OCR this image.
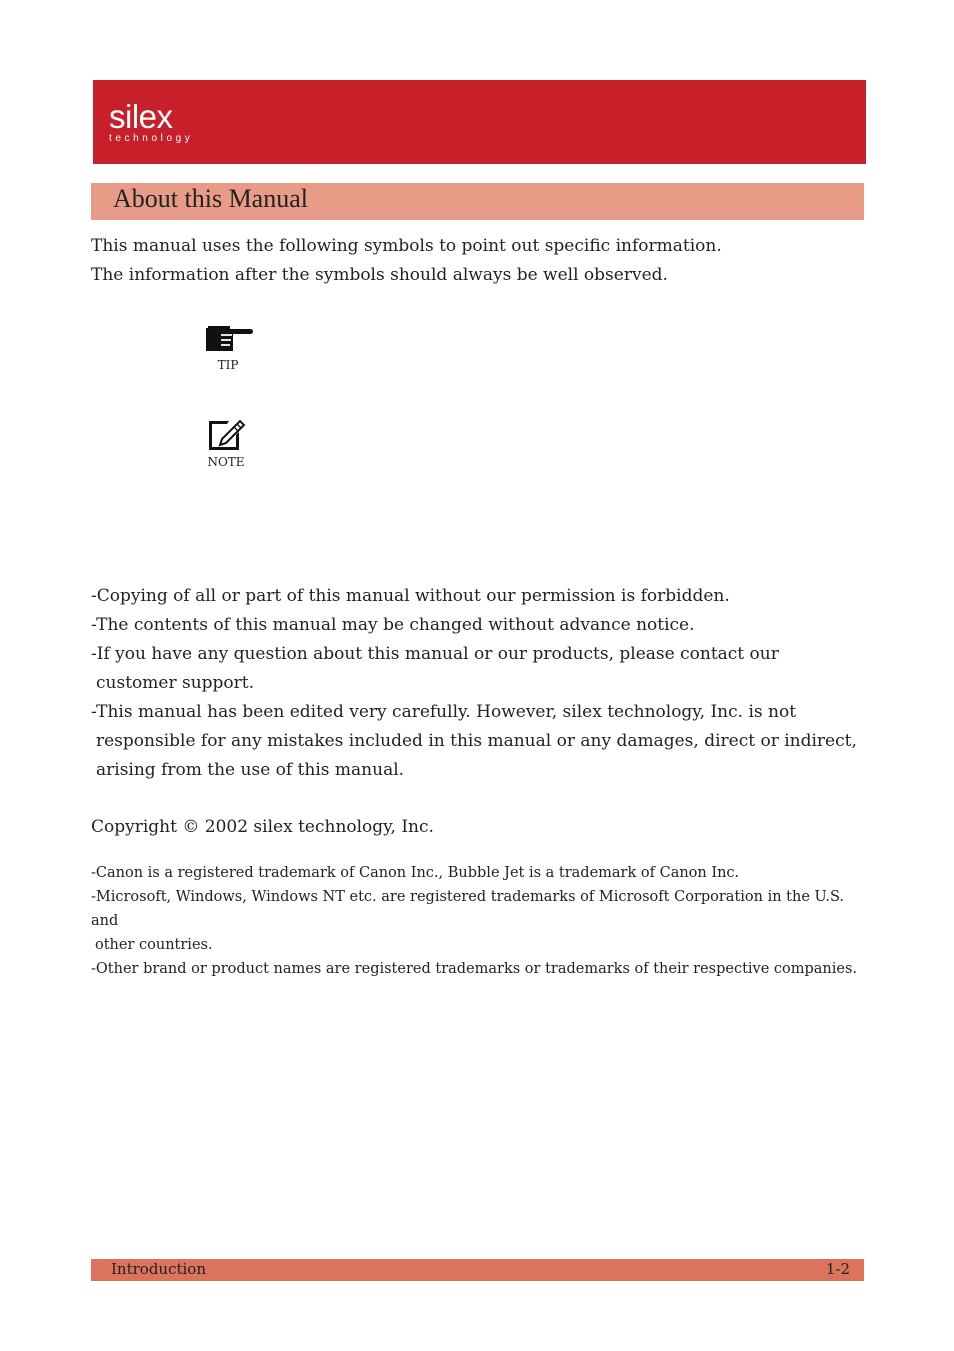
silex
technology
About this Manual

This manual uses the following symbols to point out specific information.

The information after the symbols should always be well observed.

TIP
NOTE

-Copying of all or part of this manual without our permission is forbidden.

-The contents of this manual may be changed without advance notice.

-If you have any question about this manual or our products, please contact our

customer support.

-This manual has been edited very carefully. However, silex technology, Inc. is not

responsible for any mistakes included in this manual or any damages, direct or indirect,

arising from the use of this manual.

Copyright © 2002 silex technology, Inc.

-Canon is a registered trademark of Canon Inc., Bubble Jet is a trademark of Canon Inc.

-Microsoft, Windows, Windows NT etc. are registered trademarks of Microsoft Corporation in the U.S. and

other countries.

-Other brand or product names are registered trademarks or trademarks of their respective companies.

Introduction	1-2
